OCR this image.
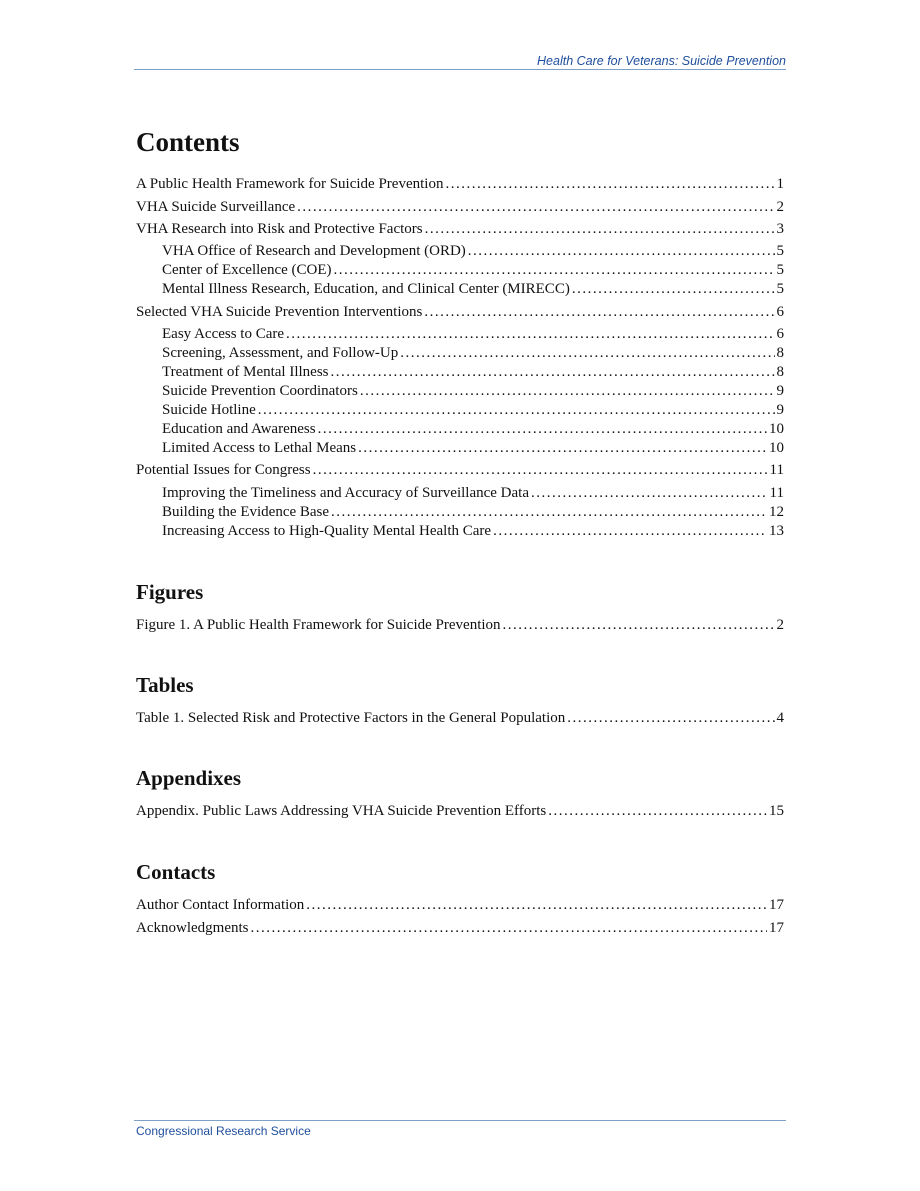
Health Care for Veterans: Suicide Prevention
Contents
A Public Health Framework for Suicide Prevention .....	1
VHA Suicide Surveillance .....	2
VHA Research into Risk and Protective Factors .....	3
VHA Office of Research and Development (ORD) .....	5
Center of Excellence (COE) .....	5
Mental Illness Research, Education, and Clinical Center (MIRECC) .....	5
Selected VHA Suicide Prevention Interventions .....	6
Easy Access to Care .....	6
Screening, Assessment, and Follow-Up .....	8
Treatment of Mental Illness .....	8
Suicide Prevention Coordinators .....	9
Suicide Hotline .....	9
Education and Awareness .....	10
Limited Access to Lethal Means .....	10
Potential Issues for Congress .....	11
Improving the Timeliness and Accuracy of Surveillance Data .....	11
Building the Evidence Base .....	12
Increasing Access to High-Quality Mental Health Care .....	13
Figures
Figure 1. A Public Health Framework for Suicide Prevention .....	2
Tables
Table 1. Selected Risk and Protective Factors in the General Population .....	4
Appendixes
Appendix. Public Laws Addressing VHA Suicide Prevention Efforts .....	15
Contacts
Author Contact Information .....	17
Acknowledgments .....	17
Congressional Research Service
